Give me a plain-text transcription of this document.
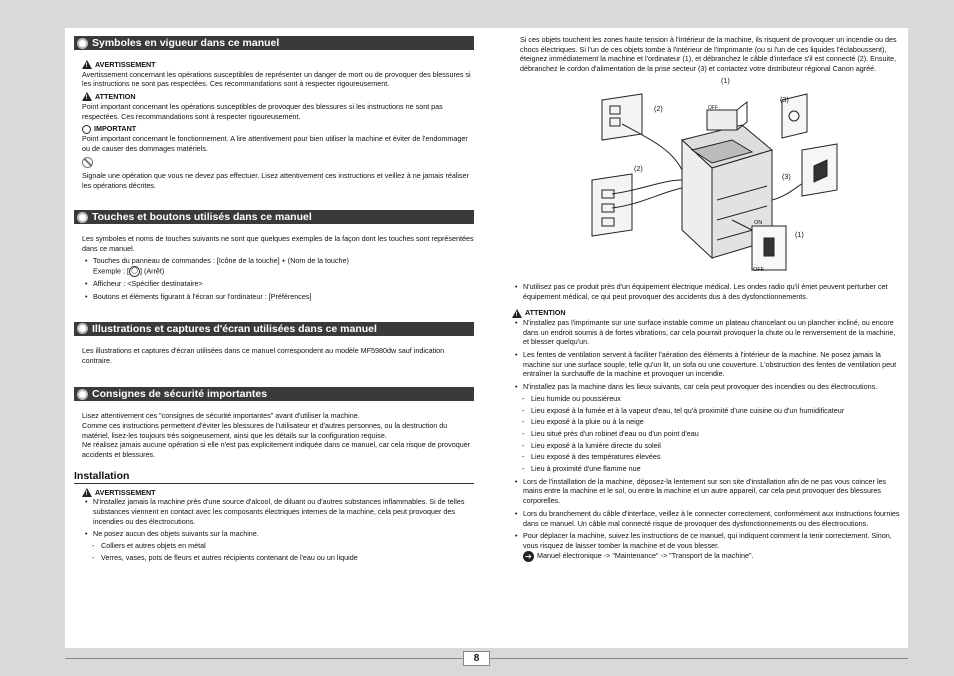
Symboles en vigueur dans ce manuel
!
AVERTISSEMENT
Avertissement concernant les opérations susceptibles de représenter un danger de mort ou de provoquer des blessures si les instructions ne sont pas respectées. Ces recommandations sont à respecter rigoureusement.
!
ATTENTION
Point important concernant les opérations susceptibles de provoquer des blessures si les instructions ne sont pas respectées. Ces recommandations sont à respecter rigoureusement.
IMPORTANT
Point important concernant le fonctionnement. A lire attentivement pour bien utiliser la machine et éviter de l'endommager ou de causer des dommages matériels.
Signale une opération que vous ne devez pas effectuer. Lisez attentivement ces instructions et veillez à ne jamais réaliser les opérations décrites.
Touches et boutons utilisés dans ce manuel
Les symboles et noms de touches suivants ne sont que quelques exemples de la façon dont les touches sont représentées dans ce manuel.
• Touches du panneau de commandes : [Icône de la touche] + (Nom de la touche)
Exemple : [ ◯ ] (Arrêt)
• Afficheur : <Spécifier destinataire>
• Boutons et éléments figurant à l'écran sur l'ordinateur : [Préférences]
Illustrations et captures d'écran utilisées dans ce manuel
Les illustrations et captures d'écran utilisées dans ce manuel correspondent au modèle MF5980dw sauf indication contraire.
Consignes de sécurité importantes
Lisez attentivement ces "consignes de sécurité importantes" avant d'utiliser la machine.
Comme ces instructions permettent d'éviter les blessures de l'utilisateur et d'autres personnes, ou la destruction du matériel, lisez-les toujours très soigneusement, ainsi que les détails sur la configuration requise.
Ne réalisez jamais aucune opération si elle n'est pas explicitement indiquée dans ce manuel, car cela risque de provoquer accidents et blessures.
Installation
!
AVERTISSEMENT
• N'installez jamais la machine près d'une source d'alcool, de diluant ou d'autres substances inflammables. Si de telles substances viennent en contact avec les composants électriques internes de la machine, cela peut provoquer des incendies ou des électrocutions.
• Ne posez aucun des objets suivants sur la machine.
- Colliers et autres objets en métal
- Verres, vases, pots de fleurs et autres récipients contenant de l'eau ou un liquide
Si ces objets touchent les zones haute tension à l'intérieur de la machine, ils risquent de provoquer un incendie ou des chocs électriques. Si l'un de ces objets tombe à l'intérieur de l'imprimante (ou si l'un de ces liquides l'éclaboussent), éteignez immédiatement la machine et l'ordinateur (1), et débranchez le câble d'interface s'il est connecté (2). Ensuite, débranchez le cordon d'alimentation de la prise secteur (3) et contactez votre distributeur régional Canon agréé.
(1)
OFF
(2)
(2)
(3)
(3)
(1)
ON
OFF
• N'utilisez pas ce produit près d'un équipement électrique médical. Les ondes radio qu'il émet peuvent perturber cet équipement médical, ce qui peut provoquer des accidents dus à des dysfonctionnements.
!
ATTENTION
• N'installez pas l'imprimante sur une surface instable comme un plateau chancelant ou un plancher incliné, ou encore dans un endroit soumis à de fortes vibrations, car cela pourrait provoquer la chute ou le renversement de la machine, et blesser quelqu'un.
• Les fentes de ventilation servent à faciliter l'aération des éléments à l'intérieur de la machine. Ne posez jamais la machine sur une surface souple, telle qu'un lit, un sofa ou une couverture. L'obstruction des fentes de ventilation peut entraîner la surchauffe de la machine et provoquer un incendie.
• N'installez pas la machine dans les lieux suivants, car cela peut provoquer des incendies ou des électrocutions.
- Lieu humide ou poussiéreux
- Lieu exposé à la fumée et à la vapeur d'eau, tel qu'à proximité d'une cuisine ou d'un humidificateur
- Lieu exposé à la pluie ou à la neige
- Lieu situé près d'un robinet d'eau ou d'un point d'eau
- Lieu exposé à la lumière directe du soleil
- Lieu exposé à des températures élevées
- Lieu à proximité d'une flamme nue
• Lors de l'installation de la machine, déposez-la lentement sur son site d'installation afin de ne pas vous coincer les mains entre la machine et le sol, ou entre la machine et un autre appareil, car cela peut provoquer des blessures corporelles.
• Lors du branchement du câble d'interface, veillez à le connecter correctement, conformément aux instructions fournies dans ce manuel. Un câble mal connecté risque de provoquer des dysfonctionnements ou des électrocutions.
• Pour déplacer la machine, suivez les instructions de ce manuel, qui indiquent comment la tenir correctement. Sinon, vous risquez de laisser tomber la machine et de vous blesser.

➔ Manuel électronique -> "Maintenance" -> "Transport de la machine".
8
